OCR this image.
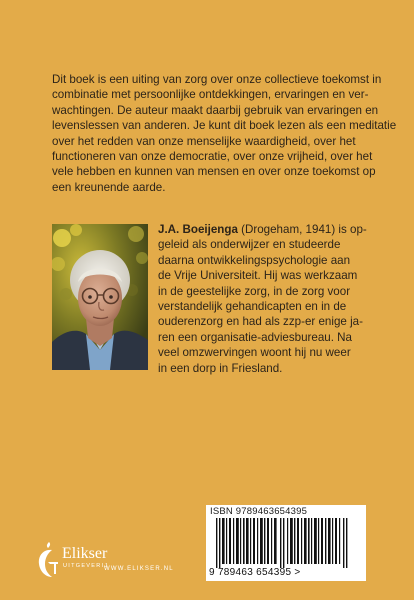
Dit boek is een uiting van zorg over onze collectieve toekomst in
combinatie met persoonlijke ontdekkingen, ervaringen en ver-
wachtingen. De auteur maakt daarbij gebruik van ervaringen en
levenslessen van anderen. Je kunt dit boek lezen als een meditatie
over het redden van onze menselijke waardigheid, over het
functioneren van onze democratie, over onze vrijheid, over het
vele hebben en kunnen van mensen en over onze toekomst op
een kreunende aarde.

J.A. Boeijenga (Drogeham, 1941) is op-
geleid als onderwijzer en studeerde
daarna ontwikkelingspsychologie aan
de Vrije Universiteit. Hij was werkzaam
in de geestelijke zorg, in de zorg voor
verstandelijk gehandicapten en in de
ouderenzorg en had als zzp-er enige ja-
ren een organisatie-adviesbureau. Na
veel omzwervingen woont hij nu weer
in een dorp in Friesland.

Elikser
UITGEVERIJ
WWW.ELIKSER.NL
ISBN 9789463654395
9 789463 654395 >
